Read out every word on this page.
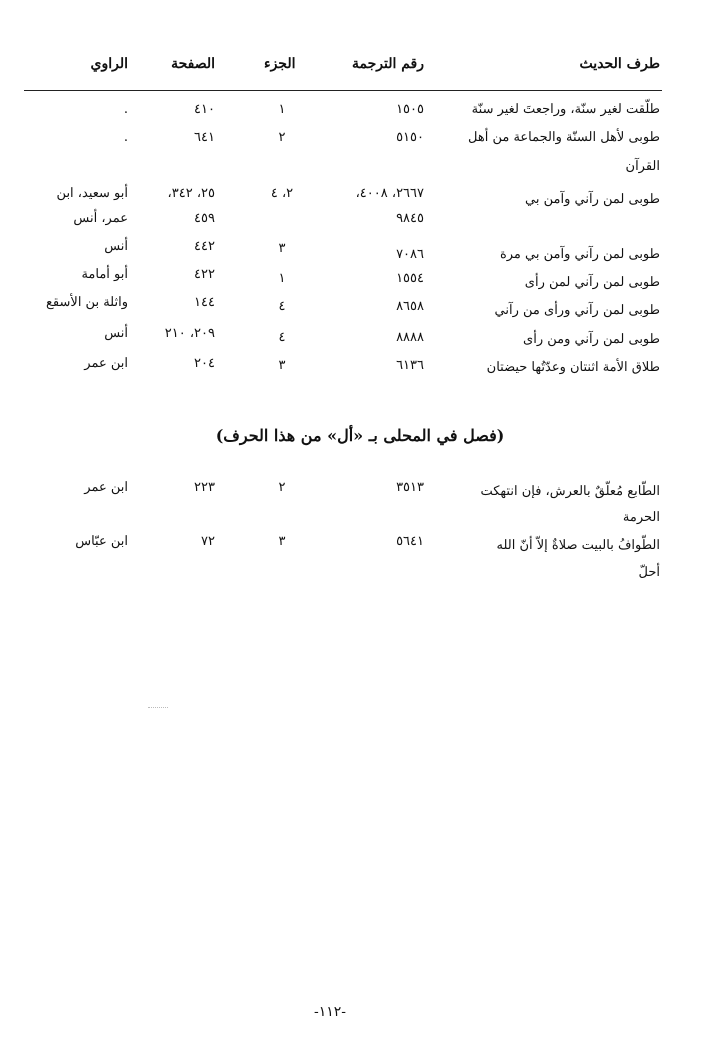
طرف الحديث
رقم الترجمة
الجزء
الصفحة
الراوي
طلّقت لغير سنّة، وراجعتَ لغير سنّة
١٥٠٥
١
٤١٠
.
طوبى لأهل السنّة والجماعة من أهل
٥١٥٠
٢
٦٤١
.
القرآن
طوبى لمن رآني وآمن بي
٢٦٦٧، ٤٠٠٨،
٢، ٤
٢٥، ٣٤٢،
أبو سعيد، ابن
٩٨٤٥
٤٥٩
عمر، أنس
طوبى لمن رآني وآمن بي مرة
٧٠٨٦
٣
٤٤٢
أنس
طوبى لمن رآني لمن رأى
١٥٥٤
١
٤٢٢
أبو أمامة
طوبى لمن رآني ورأى من رآني
٨٦٥٨
٤
١٤٤
واثلة بن الأسقع
طوبى لمن رآني ومن رأى
٨٨٨٨
٤
٢٠٩، ٢١٠
أنس
طلاق الأمة اثنتان وعدّتُها حيضتان
٦١٣٦
٣
٢٠٤
ابن عمر
(فصل في المحلى بـ «أل» من هذا الحرف)
الطّابع مُعلّقٌ بالعرش، فإن انتهكت
٣٥١٣
٢
٢٢٣
ابن عمر
الحرمة
الطّوافُ بالبيت صلاةٌ إلاّ أنّ الله
٥٦٤١
٣
٧٢
ابن عبّاس
أحلّ
-١١٢-
